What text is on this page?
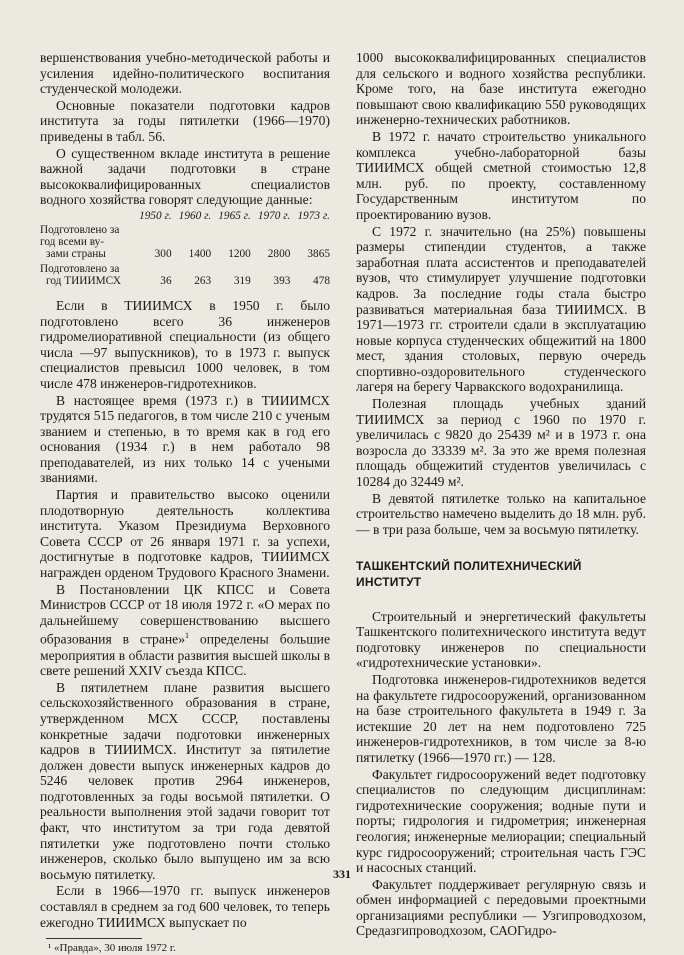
вершенствования учебно-методической работы и усиления идейно-политического воспитания студенческой молодежи.

Основные показатели подготовки кадров института за годы пятилетки (1966—1970) приведены в табл. 56.

О существенном вкладе института в решение важной задачи подготовки в стране высококвалифицированных специалистов водного хозяйства говорят следующие данные:

	1950 г.	1960 г.	1965 г.	1970 г.	1973 г.
Подготовлено за год всеми ву-
зами страны	300	1400	1200	2800	3865
Подготовлено за
год ТИИИМСХ	36	263	319	393	478

Если в ТИИИМСХ в 1950 г. было подготовлено всего 36 инженеров гидромелиоративной специальности (из общего числа —97 выпускников), то в 1973 г. выпуск специалистов превысил 1000 человек, в том числе 478 инженеров-гидротехников.

В настоящее время (1973 г.) в ТИИИМСХ трудятся 515 педагогов, в том числе 210 с ученым званием и степенью, в то время как в год его основания (1934 г.) в нем работало 98 преподавателей, из них только 14 с учеными званиями.

Партия и правительство высоко оценили плодотворную деятельность коллектива института. Указом Президиума Верховного Совета СССР от 26 января 1971 г. за успехи, достигнутые в подготовке кадров, ТИИИМСХ награжден орденом Трудового Красного Знамени.

В Постановлении ЦК КПСС и Совета Министров СССР от 18 июля 1972 г. «О мерах по дальнейшему совершенствованию высшего образования в стране»$^1$ определены большие мероприятия в области развития высшей школы в свете решений XXIV съезда КПСС.

В пятилетнем плане развития высшего сельскохозяйственного образования в стране, утвержденном МСХ СССР, поставлены конкретные задачи подготовки инженерных кадров в ТИИИМСХ. Институт за пятилетие должен довести выпуск инженерных кадров до 5246 человек против 2964 инженеров, подготовленных за годы восьмой пятилетки. О реальности выполнения этой задачи говорит тот факт, что институтом за три года девятой пятилетки уже подготовлено почти столько инженеров, сколько было выпущено им за всю восьмую пятилетку.

Если в 1966—1970 гг. выпуск инженеров составлял в среднем за год 600 человек, то теперь ежегодно ТИИИМСХ выпускает по

¹ «Правда», 30 июля 1972 г.

1000 высококвалифицированных специалистов для сельского и водного хозяйства республики. Кроме того, на базе института ежегодно повышают свою квалификацию 550 руководящих инженерно-технических работников.

В 1972 г. начато строительство уникального комплекса учебно-лабораторной базы ТИИИМСХ общей сметной стоимостью 12,8 млн. руб. по проекту, составленному Государственным институтом по проектированию вузов.

С 1972 г. значительно (на 25%) повышены размеры стипендии студентов, а также заработная плата ассистентов и преподавателей вузов, что стимулирует улучшение подготовки кадров. За последние годы стала быстро развиваться материальная база ТИИИМСХ. В 1971—1973 гг. строители сдали в эксплуатацию новые корпуса студенческих общежитий на 1800 мест, здания столовых, первую очередь спортивно-оздоровительного студенческого лагеря на берегу Чарвакского водохранилища.

Полезная площадь учебных зданий ТИИИМСХ за период с 1960 по 1970 г. увеличилась с 9820 до 25439 м² и в 1973 г. она возросла до 33339 м². За это же время полезная площадь общежитий студентов увеличилась с 10284 до 32449 м².

В девятой пятилетке только на капитальное строительство намечено выделить до 18 млн. руб.— в три раза больше, чем за восьмую пятилетку.

ТАШКЕНТСКИЙ ПОЛИТЕХНИЧЕСКИЙ ИНСТИТУТ

Строительный и энергетический факультеты Ташкентского политехнического института ведут подготовку инженеров по специальности «гидротехнические установки».

Подготовка инженеров-гидротехников ведется на факультете гидросооружений, организованном на базе строительного факультета в 1949 г. За истекшие 20 лет на нем подготовлено 725 инженеров-гидротехников, в том числе за 8-ю пятилетку (1966—1970 гг.) — 128.

Факультет гидросооружений ведет подготовку специалистов по следующим дисциплинам: гидротехнические сооружения; водные пути и порты; гидрология и гидрометрия; инженерная геология; инженерные мелиорации; специальный курс гидросооружений; строительная часть ГЭС и насосных станций.

Факультет поддерживает регулярную связь и обмен информацией с передовыми проектными организациями республики — Узгипроводхозом, Средазгипроводхозом, САОГидро-

331
